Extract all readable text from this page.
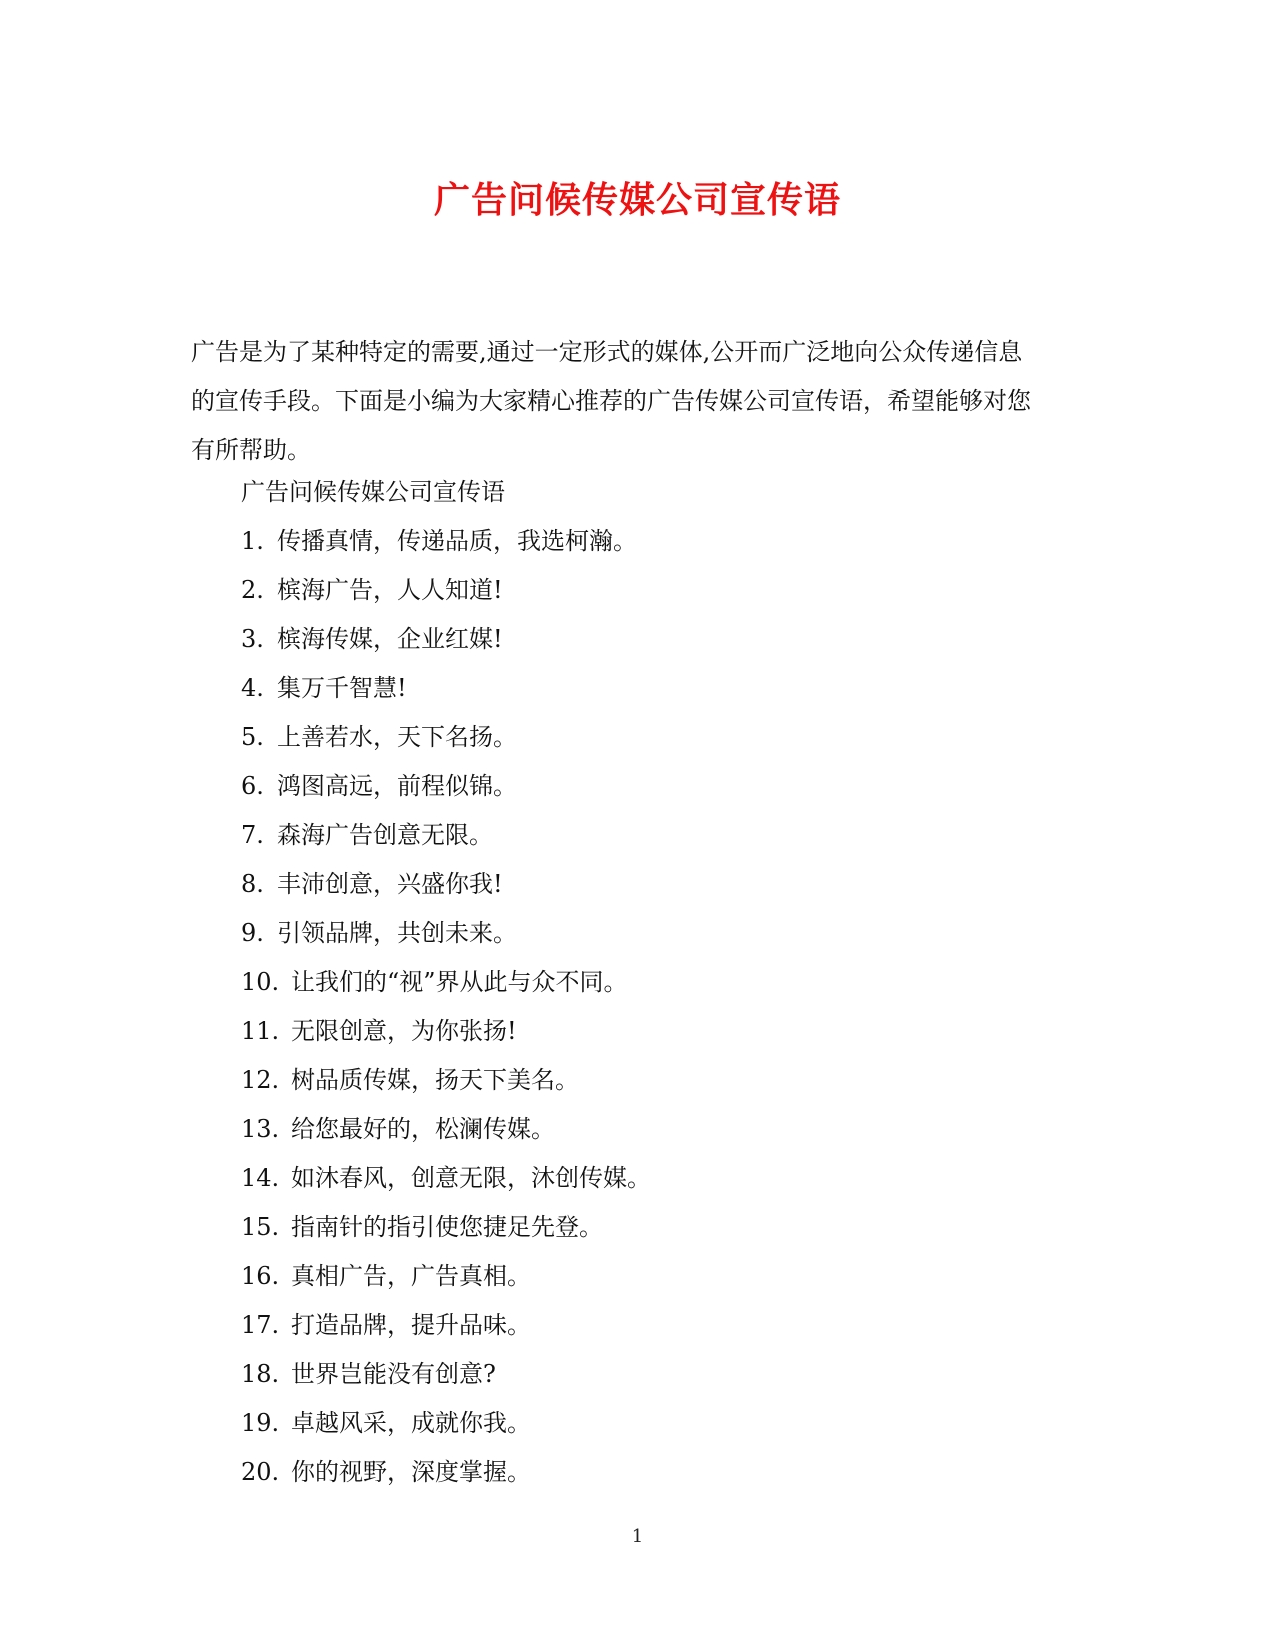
广告问候传媒公司宣传语

广告是为了某种特定的需要,通过一定形式的媒体,公开而广泛地向公众传递信息
的宣传手段。下面是小编为大家精心推荐的广告传媒公司宣传语，希望能够对您
有所帮助。

广告问候传媒公司宣传语
1. 传播真情，传递品质，我选柯瀚。
2. 槟海广告，人人知道!
3. 槟海传媒，企业红媒!
4. 集万千智慧!
5. 上善若水，天下名扬。
6. 鸿图高远，前程似锦。
7. 森海广告创意无限。
8. 丰沛创意，兴盛你我!
9. 引领品牌，共创未来。
10. 让我们的“视”界从此与众不同。
11. 无限创意，为你张扬!
12. 树品质传媒，扬天下美名。
13. 给您最好的，松澜传媒。
14. 如沐春风，创意无限，沐创传媒。
15. 指南针的指引使您捷足先登。
16. 真相广告，广告真相。
17. 打造品牌，提升品味。
18. 世界岂能没有创意?
19. 卓越风采，成就你我。
20. 你的视野，深度掌握。
1
